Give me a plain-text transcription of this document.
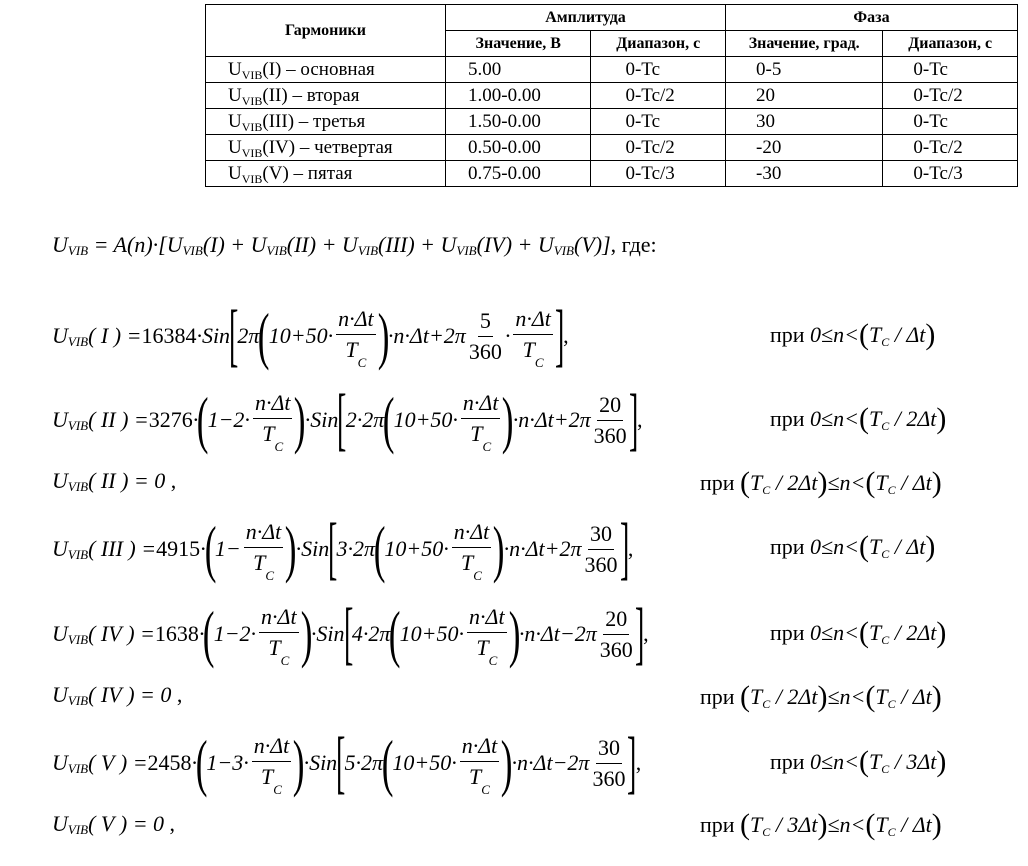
Гармоники	Амплитуда		Фаза	
	Значение, В	Диапазон, с	Значение, град.	Диапазон, с
$U_{VIB}(I)$ – основная	5.00	0-Tc	0-5	0-Tc
$U_{VIB}(II)$ – вторая	1.00-0.00	0-Tc/2	20	0-Tc/2
$U_{VIB}(III)$ – третья	1.50-0.00	0-Tc	30	0-Tc
$U_{VIB}(IV)$ – четвертая	0.50-0.00	0-Tc/2	-20	0-Tc/2
$U_{VIB}(V)$ – пятая	0.75-0.00	0-Tc/3	-30	0-Tc/3
U VIB = A(n)·[U VIB (I) + U VIB (II) + U VIB (III) + U VIB (IV) + U VIB (V)] , где:
U VIB ( I ) = 16384 ·Sin
[
2π
(
$10+50\cdot \frac{n\cdot\Delta t}{T_C}$ )
$\cdot n\cdot\Delta t+2\pi \frac{5}{360} \cdot \frac{n\cdot\Delta t}{T_C}$ ]
,	при
0≤n< ( $T_C$ / Δt )
U VIB ( II ) = 3276 ·
(
$1-2\cdot \frac{n\cdot\Delta t}{T_C}$ )
·Sin
[
2·2π
(
$10+50\cdot \frac{n\cdot\Delta t}{T_C}$ )
$\cdot n\cdot\Delta t+2\pi \frac{20}{360}$ ]
,	при
0≤n< ( $T_C / 2\Delta t$ )
U VIB ( II ) = 0 ,	при
( $T_C / 2\Delta t$ ) ≤n< ( $T_C$ / Δt )
U VIB ( III ) = 4915 ·
(
$1- \frac{n\cdot\Delta t}{T_C}$ )
·Sin
[
3·2π
(
$10+50\cdot \frac{n\cdot\Delta t}{T_C}$ )
$\cdot n\cdot\Delta t+2\pi \frac{30}{360}$ ]
,	при
0≤n< ( $T_C$ / Δt )
U VIB ( IV ) = 1638 ·
(
$1-2\cdot \frac{n\cdot\Delta t}{T_C}$ )
·Sin
[
4·2π
(
$10+50\cdot \frac{n\cdot\Delta t}{T_C}$ )
$\cdot n\cdot\Delta t-2\pi \frac{20}{360}$ ]
,	при
0≤n< ( $T_C / 2\Delta t$ )
U VIB ( IV ) = 0 ,	при
( $T_C / 2\Delta t$ ) ≤n< ( $T_C$ / Δt )
U VIB ( V ) = 2458 ·
(
$1-3\cdot \frac{n\cdot\Delta t}{T_C}$ )
·Sin
[
5·2π
(
$10+50\cdot \frac{n\cdot\Delta t}{T_C}$ )
$\cdot n\cdot\Delta t-2\pi \frac{30}{360}$ ]
,	при
0≤n< ( $T_C / 3\Delta t$ )
U VIB ( V ) = 0 ,	при
( $T_C / 3\Delta t$ ) ≤n< ( $T_C$ / Δt )
